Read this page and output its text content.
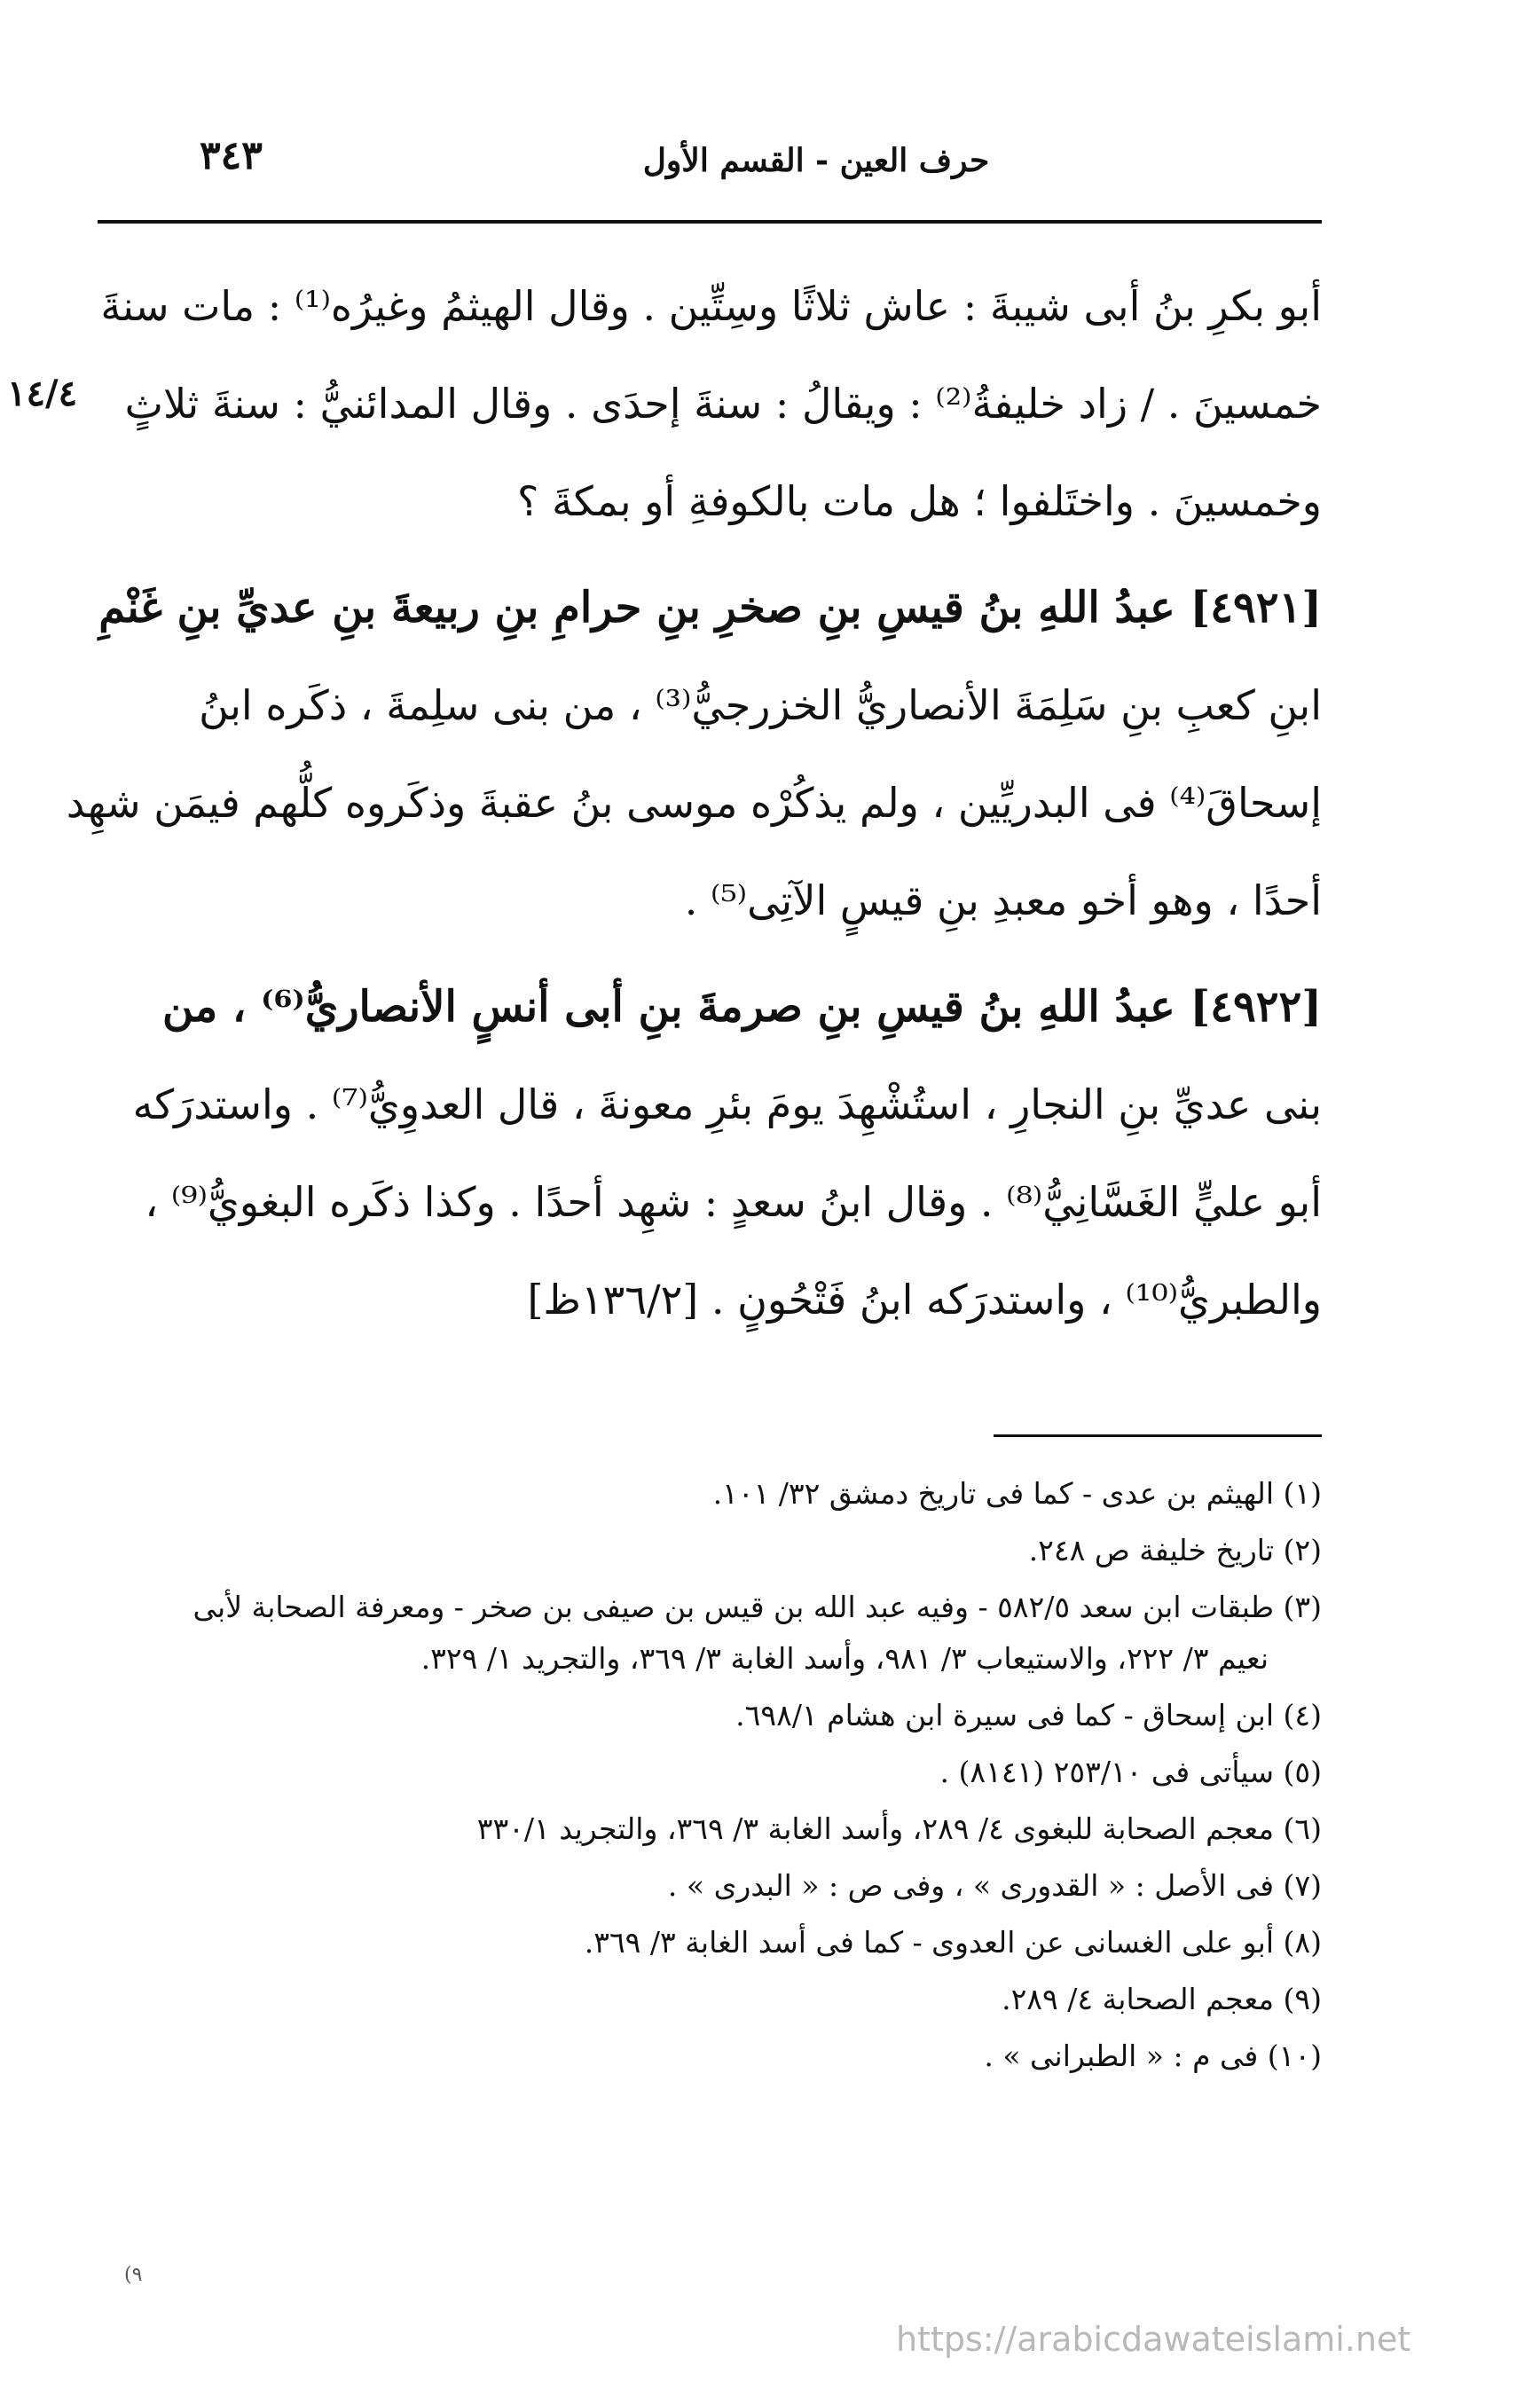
حرف العين - القسم الأول
٣٤٣
أبو بكرِ بنُ أبى شيبةَ : عاش ثلاثًا وسِتِّين . وقال الهيثمُ وغيرُه⁽¹⁾ : مات سنةَ
خمسينَ . / زاد خليفةُ⁽²⁾ : ويقالُ : سنةَ إحدَى . وقال المدائنيُّ : سنةَ ثلاثٍ
وخمسينَ . واختَلفوا ؛ هل مات بالكوفةِ أو بمكةَ ؟
[٤٩٢١] عبدُ اللهِ بنُ قيسِ بنِ صخرِ بنِ حرامِ بنِ ربيعةَ بنِ عديِّ بنِ غَنْمِ
ابنِ كعبِ بنِ سَلِمَةَ الأنصاريُّ الخزرجيُّ⁽³⁾ ، من بنى سلِمةَ ، ذكَره ابنُ
إسحاقَ⁽⁴⁾ فى البدريِّين ، ولم يذكُرْه موسى بنُ عقبةَ وذكَروه كلُّهم فيمَن شهِد
أحدًا ، وهو أخو معبدِ بنِ قيسٍ الآتِى⁽⁵⁾ .
[٤٩٢٢] عبدُ اللهِ بنُ قيسِ بنِ صرمةَ بنِ أبى أنسٍ الأنصاريُّ⁽⁶⁾ ، من
بنى عديِّ بنِ النجارِ ، استُشْهِدَ يومَ بئرِ معونةَ ، قال العدوِيُّ⁽⁷⁾ . واستدرَكه
أبو عليٍّ الغَسَّانِيُّ⁽⁸⁾ . وقال ابنُ سعدٍ : شهِد أحدًا . وكذا ذكَره البغويُّ⁽⁹⁾ ،
والطبريُّ⁽¹⁰⁾ ، واستدرَكه ابنُ فَتْحُونٍ . [١٣٦/٢ظ]
١٤/٤
(١) الهيثم بن عدى - كما فى تاريخ دمشق ٣٢/ ١٠١.
(٢) تاريخ خليفة ص ٢٤٨.
(٣) طبقات ابن سعد ٥٨٢/٥ - وفيه عبد الله بن قيس بن صيفى بن صخر - ومعرفة الصحابة لأبى
نعيم ٣/ ٢٢٢، والاستيعاب ٣/ ٩٨١، وأسد الغابة ٣/ ٣٦٩، والتجريد ١/ ٣٢٩.
(٤) ابن إسحاق - كما فى سيرة ابن هشام ٦٩٨/١.
(٥) سيأتى فى ٢٥٣/١٠ (٨١٤١) .
(٦) معجم الصحابة للبغوى ٤/ ٢٨٩، وأسد الغابة ٣/ ٣٦٩، والتجريد ٣٣٠/١
(٧) فى الأصل : « القدورى » ، وفى ص : « البدرى » .
(٨) أبو على الغسانى عن العدوى - كما فى أسد الغابة ٣/ ٣٦٩.
(٩) معجم الصحابة ٤/ ٢٨٩.
(١٠) فى م : « الطبرانى » .
(٩
https://arabicdawateislami.net
